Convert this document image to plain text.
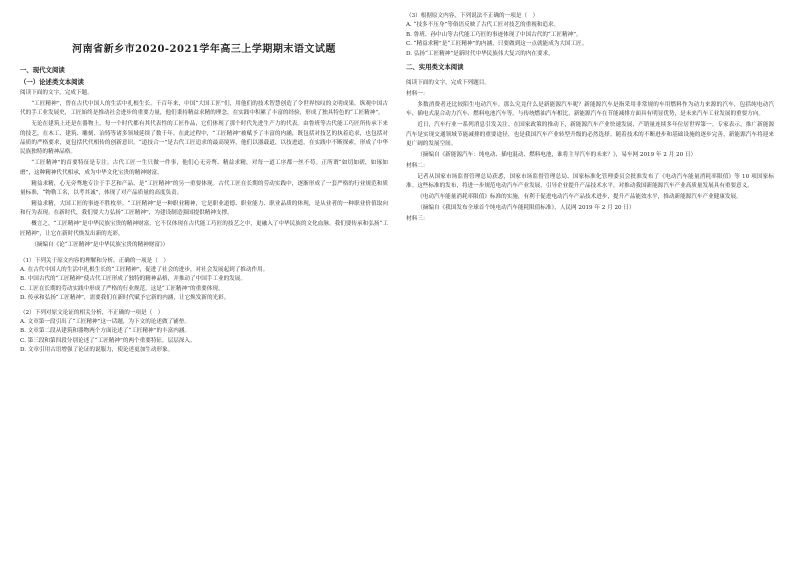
河南省新乡市2020-2021学年高三上学期期末语文试题
一、现代文阅读
（一）论述类文本阅读

阅读下面的文字，完成下题。

“工匠精神”，曾在古代中国人的生活中扎根生长。千百年来，中国“大国工匠”们，用他们的技术智慧创造了令世界惊叹的文明成果。纵观中国古代的手工业发展史，工匠始终是推动社会进步的重要力量，他们秉持精益求精的理念，在实践中积累了丰富的经验，形成了独具特色的“工匠精神”。

无论在建筑上还是在器物上，每一个时代都有其代表性的工匠作品，它们体现了那个时代先进生产力的代表。由鲁班等古代能工巧匠所传承下来的技艺，在木工、建筑、雕刻、冶铸等诸多领域延续了数千年。在此过程中，“工匠精神”被赋予了丰富的内涵，既包括对技艺的执着追求，也包括对品质的严格要求，更包括代代相传的创新意识。“道技合一”是古代工匠追求的最高境界，他们以器载道，以技进道，在实践中不断探索，形成了中华民族独特的精神品格。

“工匠精神”的首要特征是专注。古代工匠一生只做一件事，他们心无旁骛、精益求精，对每一道工序都一丝不苟。正所谓“如切如磋，如琢如磨”，这种精神代代相承，成为中华文化宝贵的精神财富。

精益求精，心无旁骛地专注于手艺和产品，是“工匠精神”的另一重要体现。古代工匠在长期的劳动实践中，逐渐形成了一套严格的行业规范和质量标准，“物勒工名，以考其诚”，体现了对产品质量的高度负责。

精益求精，大国工匠的事迹不胜枚举。“工匠精神”是一种职业精神，它是职业道德、职业能力、职业品质的体现，是从业者的一种职业价值取向和行为表现。在新时代，我们要大力弘扬“工匠精神”，为建设制造强国提供精神支撑。

概言之，“工匠精神”是中华民族宝贵的精神财富，它不仅体现在古代能工巧匠的技艺之中，更融入了中华民族的文化血脉。我们要传承和弘扬“工匠精神”，让它在新时代焕发出新的光彩。

（摘编自《论“工匠精神”是中华民族宝贵的精神财富》）

（1）下列关于原文内容的理解和分析，正确的一项是（　）
A. 在古代中国人的生活中扎根生长的“工匠精神”，促进了社会的进步，对社会发展起到了推动作用。
B. 中国古代的“工匠精神”使古代工匠形成了独特的精神品格，并推动了中国手工业的发展。
C. 工匠在长期的劳动实践中形成了严格的行业规范，这是“工匠精神”的重要体现。
D. 传承和弘扬“工匠精神”，需要我们在新时代赋予它新的内涵，让它焕发新的光彩。
（2）下列对原文论证的相关分析，不正确的一项是（　）
A. 文章第一段引出了“工匠精神”这一话题，为下文的论述做了铺垫。
B. 文章第二段从建筑和器物两个方面论述了“工匠精神”的丰富内涵。
C. 第三段和第四段分别论述了“工匠精神”的两个重要特征，层层深入。
D. 文章引用古语增强了论证的说服力，使论述更加生动形象。
（3）根据原文内容，下列说法不正确的一项是（　）
A. “技多不压身”等俗语反映了古代工匠对技艺的重视和追求。
B. 鲁班、孙中山等古代能工巧匠的事迹体现了中国古代的“工匠精神”。
C. “精益求精”是“工匠精神”的内涵，只要做到这一点就能成为大国工匠。
D. 弘扬“工匠精神”是新时代中华民族伟大复兴的内在要求。
二、实用类文本阅读

阅读下面的文字，完成下列题目。

材料一：

多数消费者还比较陌生电动汽车。那么究竟什么是新能源汽车呢？新能源汽车是指采用非常规的车用燃料作为动力来源的汽车，包括纯电动汽车、插电式混合动力汽车、燃料电池汽车等。与传统燃油汽车相比，新能源汽车在节能减排方面具有明显优势，是未来汽车工业发展的重要方向。

近日，汽车行业一系列消息引发关注。在国家政策的推动下，新能源汽车产业快速发展，产销量连续多年位居世界第一。专家表示，推广新能源汽车是实现交通领域节能减排的重要途径，也是我国汽车产业转型升级的必然选择。随着技术的不断进步和基础设施的逐步完善，新能源汽车将迎来更广阔的发展空间。

（摘编自《新能源汽车：纯电动、插电混动、燃料电池，谁将主导汽车的未来？》，易车网 2019 年 2 月 20 日）

材料二：

记者从国家市场监督管理总局获悉，国家市场监督管理总局、国家标准化管理委员会批准发布了《电动汽车能量消耗率限值》等 10 项国家标准。这些标准的发布，将进一步规范电动汽车产业发展，引导企业提升产品技术水平，对推动我国新能源汽车产业高质量发展具有重要意义。

《电动汽车能量消耗率限值》标准的实施，有利于促进电动汽车产品技术进步，提升产品能效水平，推动新能源汽车产业健康发展。

（摘编自《我国发布全球首个纯电动汽车能耗限值标准》，人民网 2019 年 2 月 20 日）

材料三：
